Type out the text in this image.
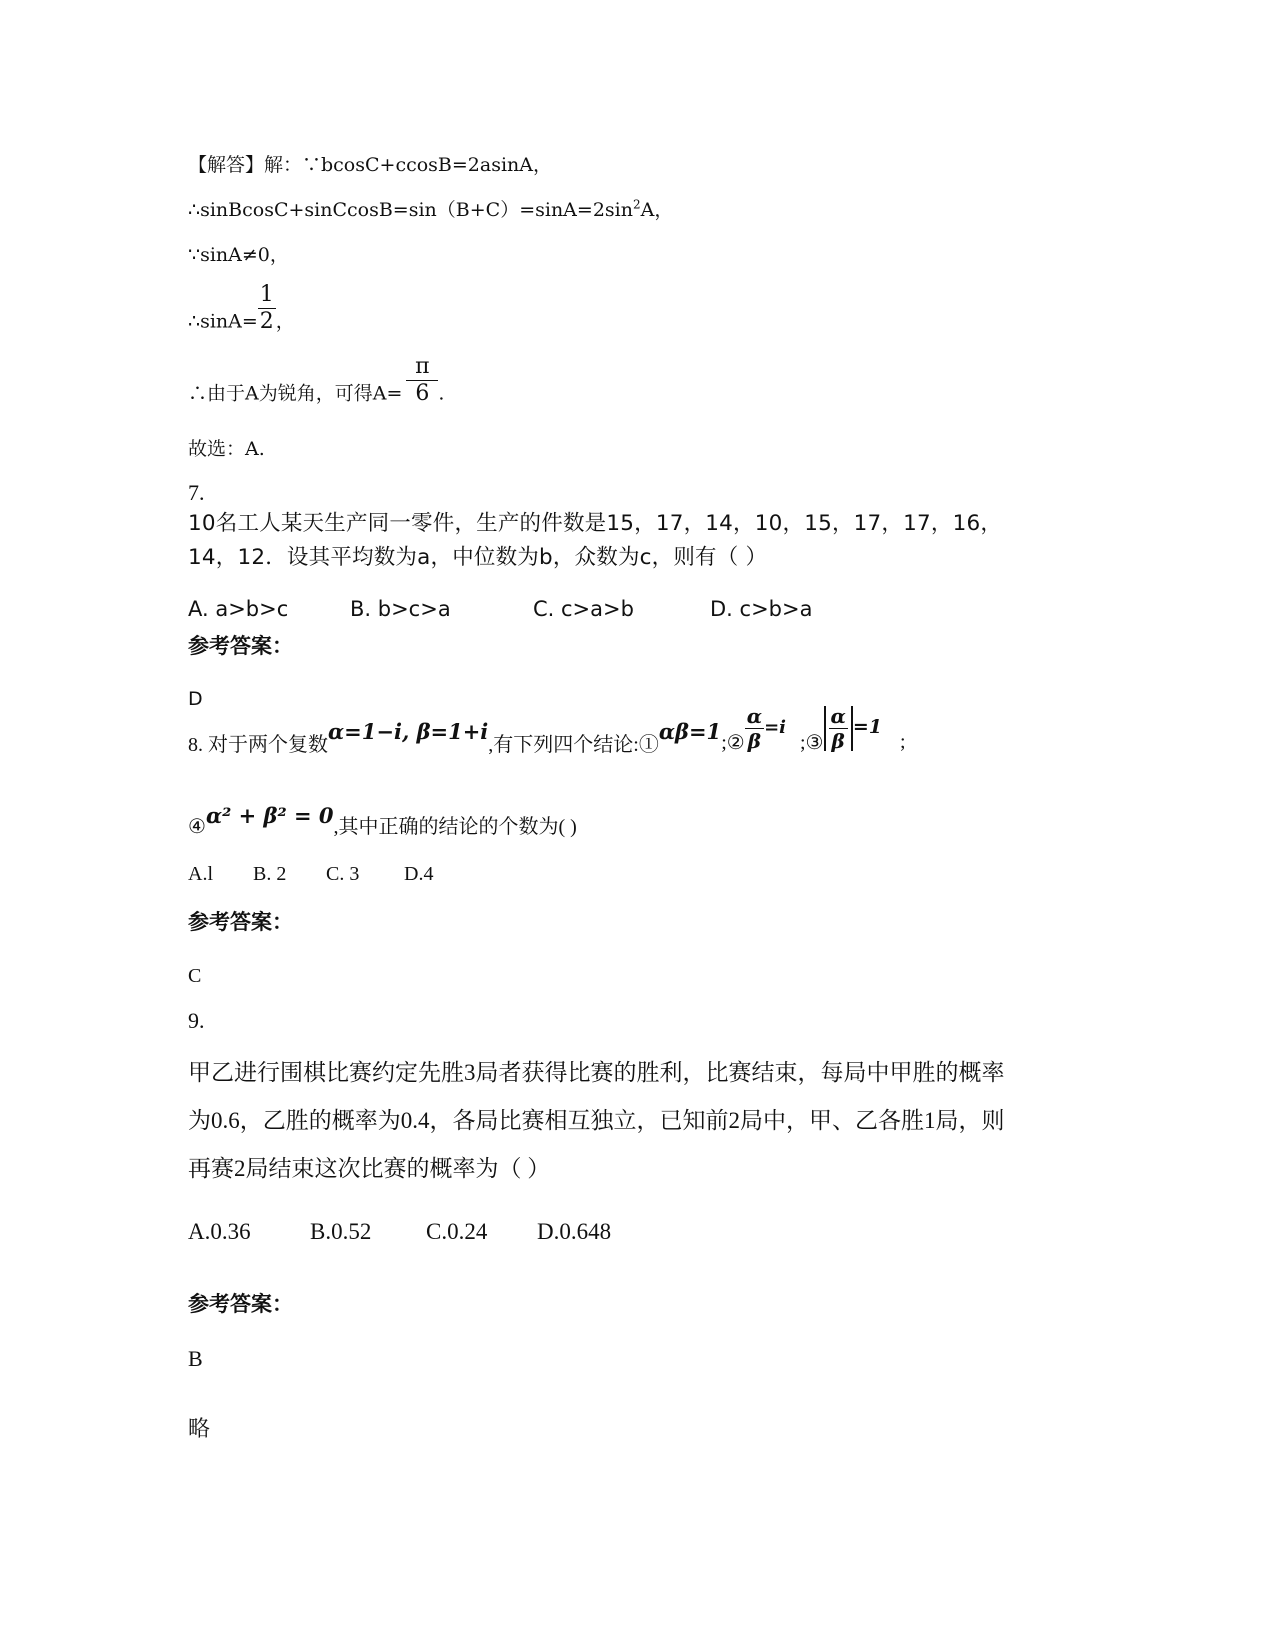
【解答】解：∵bcosC+ccosB=2asinA，
$\therefore sinBcosC+sinCcosB=\sin(B+C)=\sin A=2\sin^2A$，
∵sinA≠0，
∴sinA= $\frac{1}{2}$ ，
∴由于A为锐角，可得$A= \frac{\pi}{6}$ .
故选：A.
7.
10名工人某天生产同一零件，生产的件数是15，17，14，10，15，17，17，16，
14，12．设其平均数为a，中位数为b，众数为c，则有（ ）
A. a>b>c	B. b>c>a	C. c>a>b	D. c>b>a
参考答案：
D
8. 对于两个复数α=1−i, β=1+i,有下列四个结论:①αβ=1;② $\frac{\alpha}{\beta}$ =i;③ $\frac{\alpha}{\beta} =1$;
④α² + β² = 0,其中正确的结论的个数为( )
A.l B. 2 C. 3 D.4
参考答案：
C
9.
甲乙进行围棋比赛约定先胜3局者获得比赛的胜利，比赛结束，每局中甲胜的概率
为0.6，乙胜的概率为0.4，各局比赛相互独立，已知前2局中，甲、乙各胜1局，则
再赛2局结束这次比赛的概率为（ ）
A.0.36	B.0.52 C.0.24 D.0.648
参考答案：
B
略
